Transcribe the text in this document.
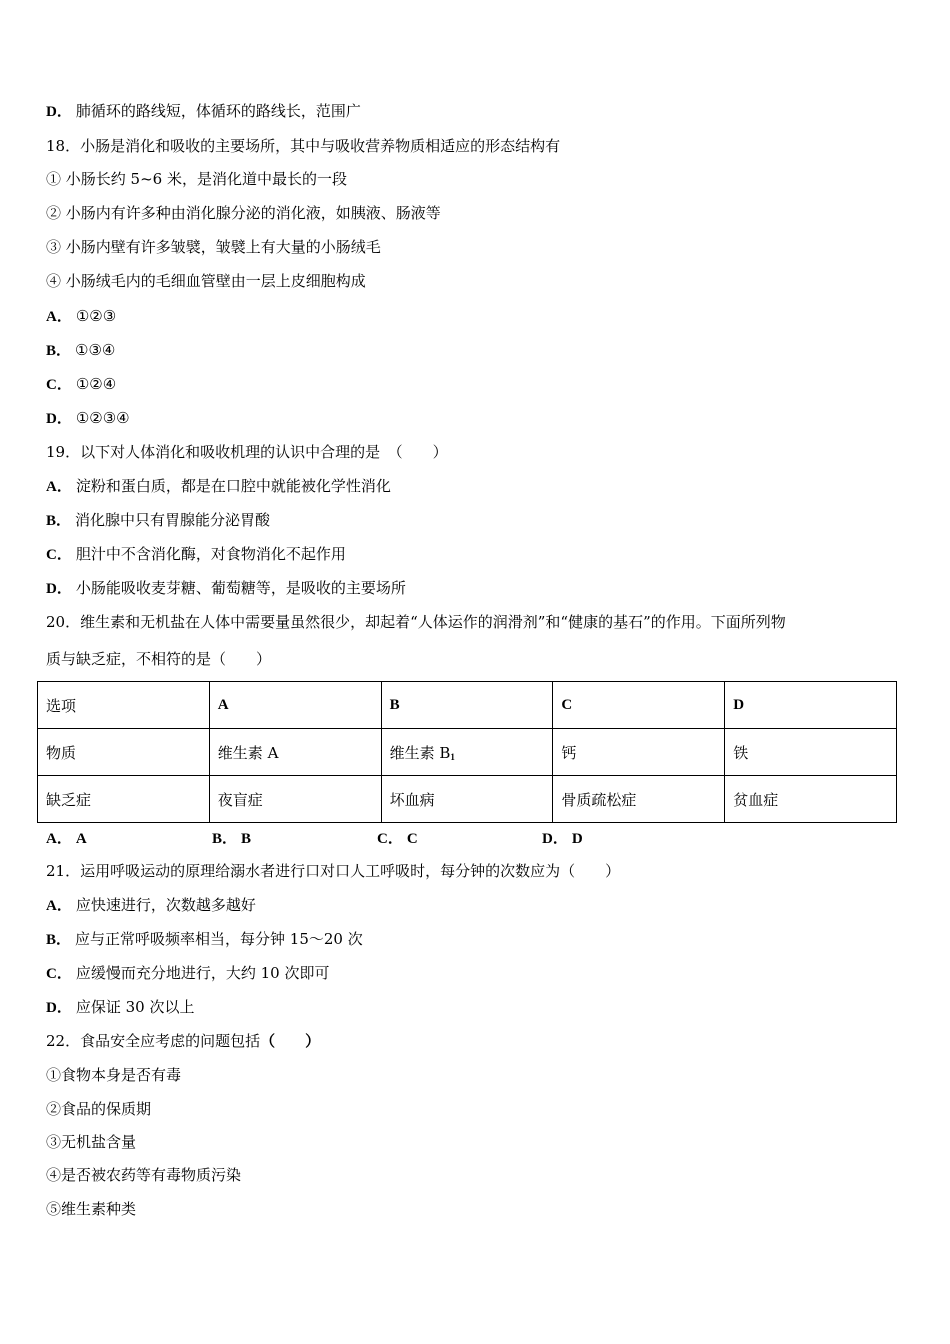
D． 肺循环的路线短，体循环的路线长，范围广
18．小肠是消化和吸收的主要场所，其中与吸收营养物质相适应的形态结构有
① 小肠长约 5~6 米，是消化道中最长的一段
② 小肠内有许多种由消化腺分泌的消化液，如胰液、肠液等
③ 小肠内壁有许多皱襞，皱襞上有大量的小肠绒毛
④ 小肠绒毛内的毛细血管壁由一层上皮细胞构成
A． ①②③
B． ①③④
C． ①②④
D． ①②③④
19．以下对人体消化和吸收机理的认识中合理的是　（　　）
A． 淀粉和蛋白质，都是在口腔中就能被化学性消化
B． 消化腺中只有胃腺能分泌胃酸
C． 胆汁中不含消化酶，对食物消化不起作用
D． 小肠能吸收麦芽糖、葡萄糖等，是吸收的主要场所
20．维生素和无机盐在人体中需要量虽然很少，却起着“人体运作的润滑剂”和“健康的基石”的作用。下面所列物
质与缺乏症，不相符的是（　　）
选项	A	B	C	D
物质	维生素 A	维生素 $B_1$	钙	铁
缺乏症	夜盲症	坏血病	骨质疏松症	贫血症
A． A	B． B	C． C	D． D
21．运用呼吸运动的原理给溺水者进行口对口人工呼吸时，每分钟的次数应为（　　）
A． 应快速进行，次数越多越好
B． 应与正常呼吸频率相当，每分钟 15～20 次
C． 应缓慢而充分地进行，大约 10 次即可
D． 应保证 30 次以上
22．食品安全应考虑的问题包括（　　）
①食物本身是否有毒
②食品的保质期
③无机盐含量
④是否被农药等有毒物质污染
⑤维生素种类
